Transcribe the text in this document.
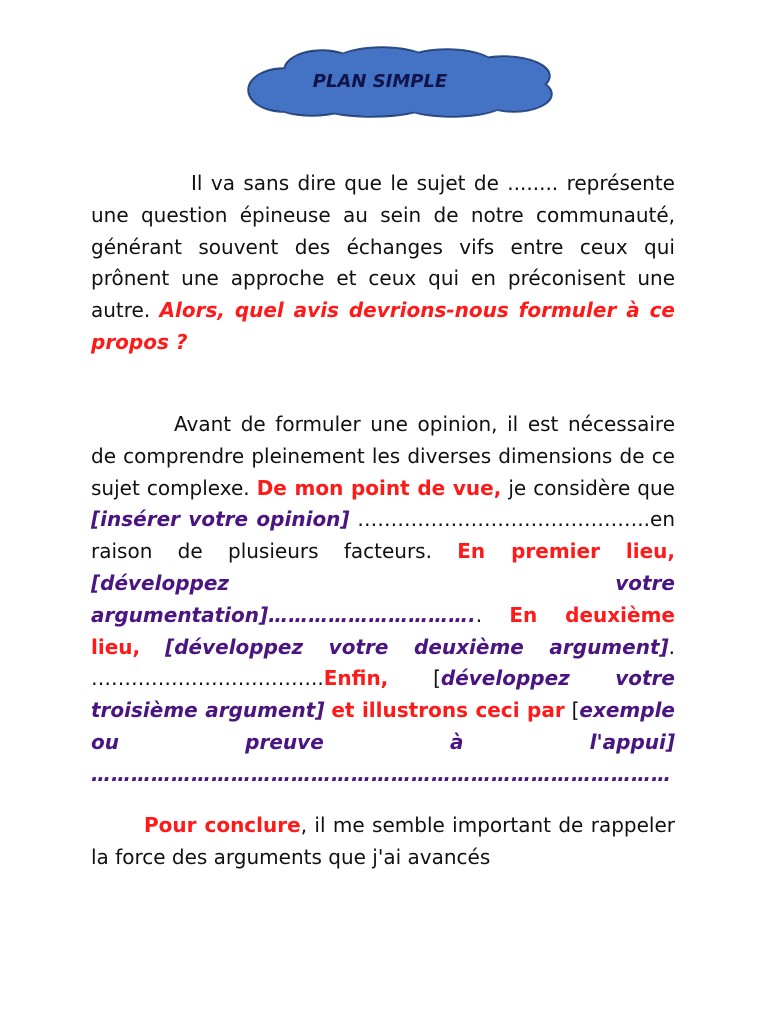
PLAN SIMPLE

Il va sans dire que le sujet de ........ représente une question épineuse au sein de notre communauté, générant souvent des échanges vifs entre ceux qui prônent une approche et ceux qui en préconisent une autre. Alors, quel avis devrions-nous formuler à ce propos ?

Avant de formuler une opinion, il est nécessaire de comprendre pleinement les diverses dimensions de ce sujet complexe. De mon point de vue, je considère que [insérer votre opinion] ……………………………………..en raison de plusieurs facteurs. En premier lieu, [développez votre argumentation]………………………….. En deuxième lieu, [développez votre deuxième argument]. ……………………………..Enfin, [développez votre troisième argument] et illustrons ceci par [exemple ou preuve à l'appui] ……………………………………………………………………………

Pour conclure, il me semble important de rappeler la force des arguments que j'ai avancés
